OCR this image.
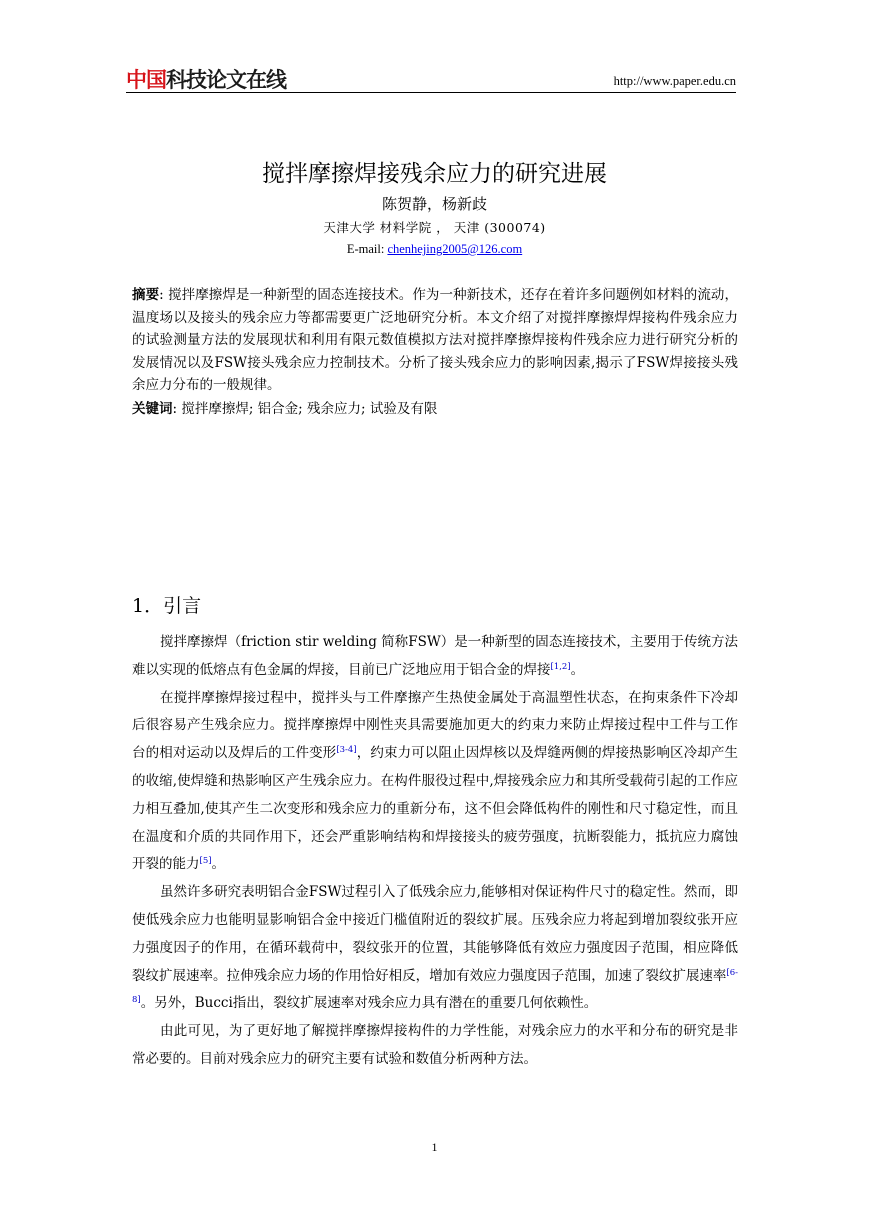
中国科技论文在线	http://www.paper.edu.cn
搅拌摩擦焊接残余应力的研究进展
陈贺静，杨新歧
天津大学 材料学院 ， 天津 (300074)
E-mail: chenhejing2005@126.com
摘要: 搅拌摩擦焊是一种新型的固态连接技术。作为一种新技术，还存在着许多问题例如材料的流动，温度场以及接头的残余应力等都需要更广泛地研究分析。本文介绍了对搅拌摩擦焊焊接构件残余应力的试验测量方法的发展现状和利用有限元数值模拟方法对搅拌摩擦焊接构件残余应力进行研究分析的发展情况以及FSW接头残余应力控制技术。分析了接头残余应力的影响因素,揭示了FSW焊接接头残余应力分布的一般规律。
关键词: 搅拌摩擦焊; 铝合金; 残余应力; 试验及有限
1．引言

搅拌摩擦焊（friction stir welding 简称FSW）是一种新型的固态连接技术，主要用于传统方法难以实现的低熔点有色金属的焊接，目前已广泛地应用于铝合金的焊接[1,2]。

在搅拌摩擦焊接过程中，搅拌头与工件摩擦产生热使金属处于高温塑性状态，在拘束条件下冷却后很容易产生残余应力。搅拌摩擦焊中刚性夹具需要施加更大的约束力来防止焊接过程中工件与工作台的相对运动以及焊后的工件变形[3-4]，约束力可以阻止因焊核以及焊缝两侧的焊接热影响区冷却产生的收缩,使焊缝和热影响区产生残余应力。在构件服役过程中,焊接残余应力和其所受载荷引起的工作应力相互叠加,使其产生二次变形和残余应力的重新分布，这不但会降低构件的刚性和尺寸稳定性，而且在温度和介质的共同作用下，还会严重影响结构和焊接接头的疲劳强度，抗断裂能力，抵抗应力腐蚀开裂的能力[5]。

虽然许多研究表明铝合金FSW过程引入了低残余应力,能够相对保证构件尺寸的稳定性。然而，即使低残余应力也能明显影响铝合金中接近门槛值附近的裂纹扩展。压残余应力将起到增加裂纹张开应力强度因子的作用，在循环载荷中，裂纹张开的位置，其能够降低有效应力强度因子范围，相应降低裂纹扩展速率。拉伸残余应力场的作用恰好相反，增加有效应力强度因子范围，加速了裂纹扩展速率[6-8]。另外，Bucci指出，裂纹扩展速率对残余应力具有潜在的重要几何依赖性。

由此可见，为了更好地了解搅拌摩擦焊接构件的力学性能，对残余应力的水平和分布的研究是非常必要的。目前对残余应力的研究主要有试验和数值分析两种方法。

1
